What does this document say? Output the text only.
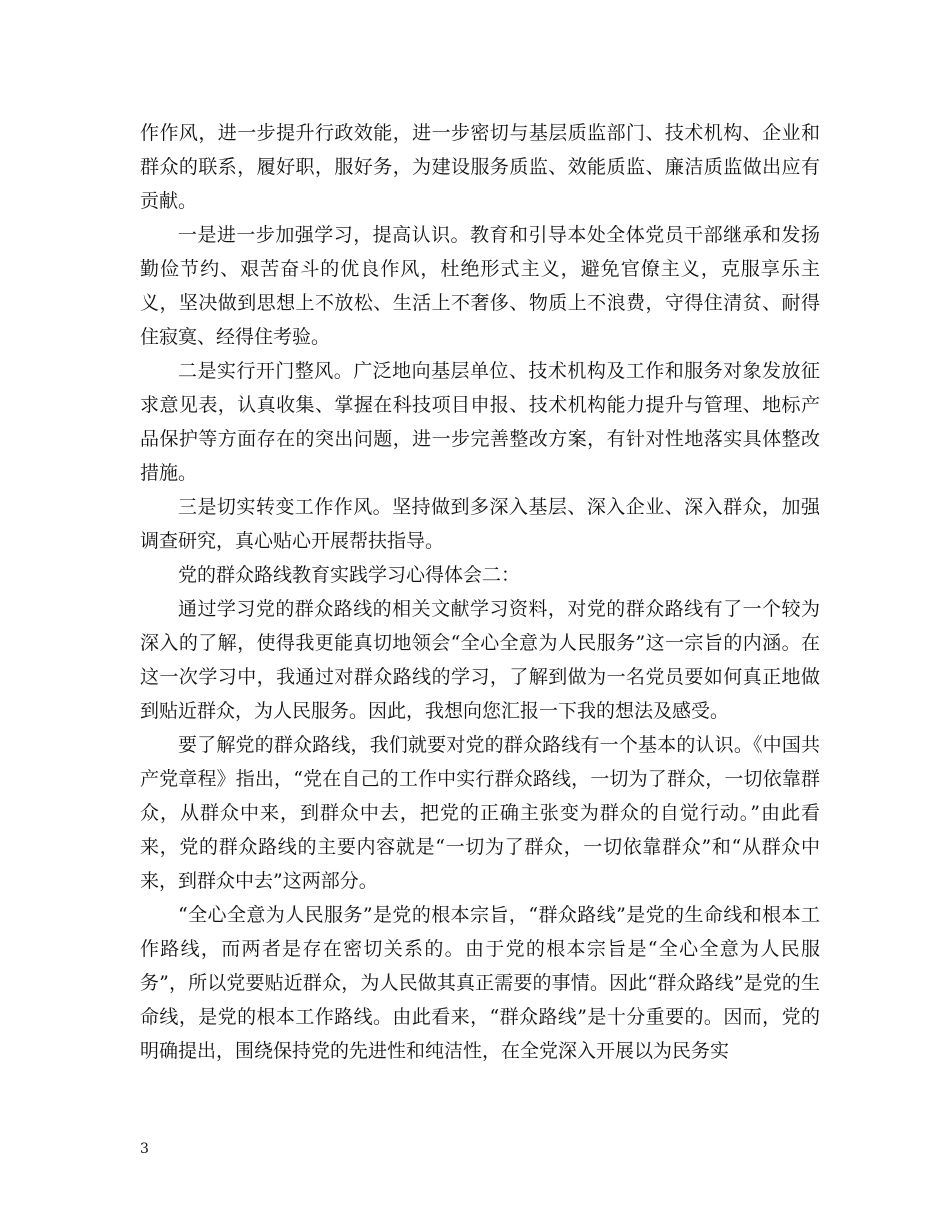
作作风，进一步提升行政效能，进一步密切与基层质监部门、技术机构、企业和群众的联系，履好职，服好务，为建设服务质监、效能质监、廉洁质监做出应有贡献。

一是进一步加强学习，提高认识。教育和引导本处全体党员干部继承和发扬勤俭节约、艰苦奋斗的优良作风，杜绝形式主义，避免官僚主义，克服享乐主义，坚决做到思想上不放松、生活上不奢侈、物质上不浪费，守得住清贫、耐得住寂寞、经得住考验。

二是实行开门整风。广泛地向基层单位、技术机构及工作和服务对象发放征求意见表，认真收集、掌握在科技项目申报、技术机构能力提升与管理、地标产品保护等方面存在的突出问题，进一步完善整改方案，有针对性地落实具体整改措施。

三是切实转变工作作风。坚持做到多深入基层、深入企业、深入群众，加强调查研究，真心贴心开展帮扶指导。

党的群众路线教育实践学习心得体会二：

通过学习党的群众路线的相关文献学习资料，对党的群众路线有了一个较为深入的了解，使得我更能真切地领会“全心全意为人民服务”这一宗旨的内涵。在这一次学习中，我通过对群众路线的学习，了解到做为一名党员要如何真正地做到贴近群众，为人民服务。因此，我想向您汇报一下我的想法及感受。

要了解党的群众路线，我们就要对党的群众路线有一个基本的认识。《中国共产党章程》指出，“党在自己的工作中实行群众路线，一切为了群众，一切依靠群众，从群众中来，到群众中去，把党的正确主张变为群众的自觉行动。”由此看来，党的群众路线的主要内容就是“一切为了群众，一切依靠群众”和“从群众中来，到群众中去”这两部分。

“全心全意为人民服务”是党的根本宗旨，“群众路线”是党的生命线和根本工作路线，而两者是存在密切关系的。由于党的根本宗旨是“全心全意为人民服务”，所以党要贴近群众，为人民做其真正需要的事情。因此“群众路线”是党的生命线，是党的根本工作路线。由此看来，“群众路线”是十分重要的。因而，党的明确提出，围绕保持党的先进性和纯洁性，在全党深入开展以为民务实

3
